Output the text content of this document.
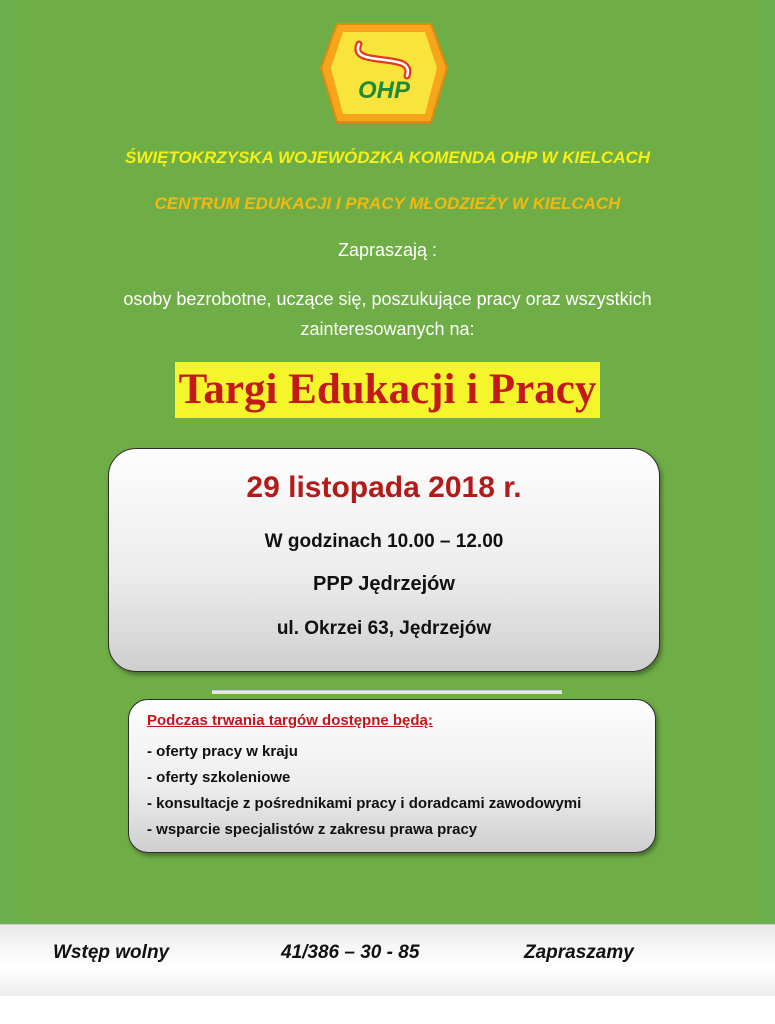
OHP
ŚWIĘTOKRZYSKA WOJEWÓDZKA KOMENDA OHP W KIELCACH
CENTRUM EDUKACJI I PRACY MŁODZIEŻY W KIELCACH
Zapraszają :
osoby bezrobotne, uczące się, poszukujące pracy oraz wszystkich zainteresowanych na:
Targi Edukacji i Pracy
29 listopada 2018 r.
W godzinach 10.00 – 12.00
PPP Jędrzejów
ul. Okrzei 63, Jędrzejów
Podczas trwania targów dostępne będą:
- oferty pracy w kraju
- oferty szkoleniowe
- konsultacje z pośrednikami pracy i doradcami zawodowymi
- wsparcie specjalistów z zakresu prawa pracy
Wstęp wolny	41/386 – 30 - 85	Zapraszamy
